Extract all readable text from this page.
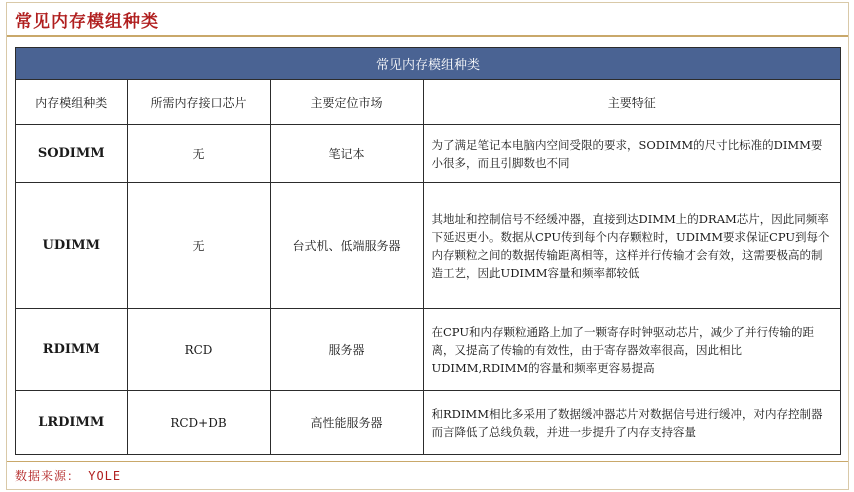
常见内存模组种类
常见内存模组种类
内存模组种类	所需内存接口芯片	主要定位市场	主要特征
SODIMM	无	笔记本	为了满足笔记本电脑内空间受限的要求，SODIMM的尺寸比标准的DIMM要小很多，而且引脚数也不同
UDIMM	无	台式机、低端服务器	其地址和控制信号不经缓冲器，直接到达DIMM上的DRAM芯片，因此同频率下延迟更小。数据从CPU传到每个内存颗粒时，UDIMM要求保证CPU到每个内存颗粒之间的数据传输距离相等，这样并行传输才会有效，这需要极高的制造工艺，因此UDIMM容量和频率都较低
RDIMM	RCD	服务器	在CPU和内存颗粒通路上加了一颗寄存时钟驱动芯片，减少了并行传输的距离，又提高了传输的有效性，由于寄存器效率很高，因此相比UDIMM,RDIMM的容量和频率更容易提高
LRDIMM	RCD+DB	高性能服务器	和RDIMM相比多采用了数据缓冲器芯片对数据信号进行缓冲，对内存控制器而言降低了总线负载，并进一步提升了内存支持容量
数据来源： YOLE
